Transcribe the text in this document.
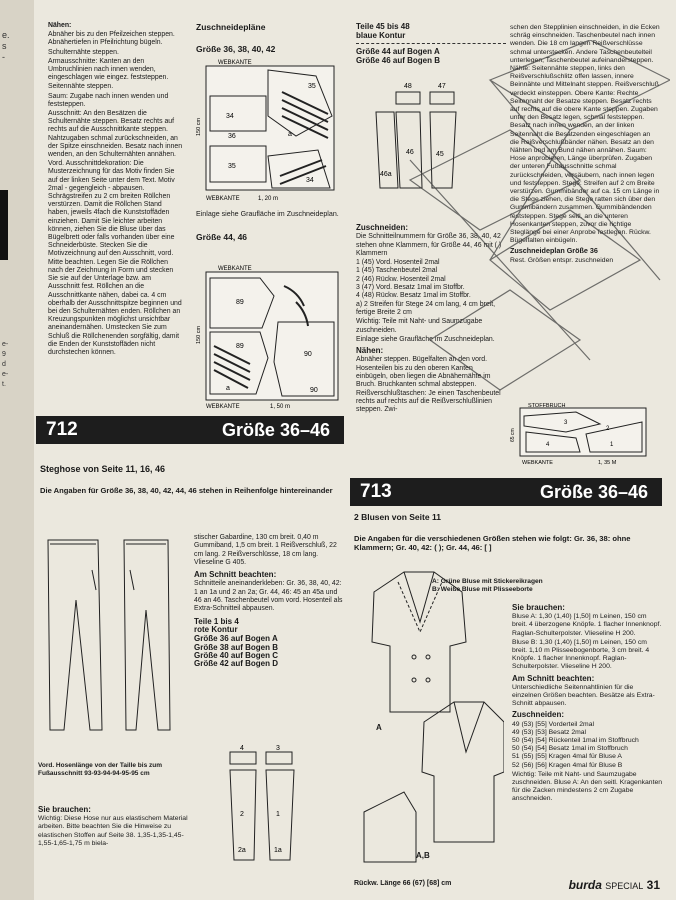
e.
s
-
e-
9
d
e-
t.

Nähen:

Abnäher bis zu den Pfeilzeichen steppen. Abnähertiefen in Pfeilrichtung bügeln.

Schulternähte steppen.

Armausschnitte: Kanten an den Umbruchlinien nach innen wenden, eingeschlagen wie eingez. feststeppen.

Seitennähte steppen.

Saum: Zugabe nach innen wenden und feststeppen.

Ausschnitt: An den Besätzen die Schulternähte steppen. Besatz rechts auf rechts auf die Ausschnittkante steppen. Nahtzugaben schmal zurückschneiden, an der Spitze einschneiden. Besatz nach innen wenden, an den Schulternähten annähen.

Vord. Ausschnittdekoration: Die Musterzeichnung für das Motiv finden Sie auf der linken Seite unter dem Text. Motiv 2mal - gegengleich - abpausen. Schrägstreifen zu 2 cm breiten Röllchen verstürzen. Damit die Röllchen Stand haben, jeweils 4fach die Kunststoffäden einziehen. Damit Sie leichter arbeiten können, ziehen Sie die Bluse über das Bügelbrett oder falls vorhanden über eine Schneiderbüste. Stecken Sie die Motivzeichnung auf den Ausschnitt, vord. Mitte beachten. Legen Sie die Röllchen nach der Zeichnung in Form und stecken Sie sie auf der Unterlage bzw. am Ausschnitt fest. Röllchen an die Ausschnittkante nähen, dabei ca. 4 cm oberhalb der Ausschnittspitze beginnen und bei den Schulternähten enden. Röllchen an Kreuzungspunkten möglichst unsichtbar aneinandernähen. Umstecken Sie zum Schluß die Röllchenenden sorgfältig, damit die Enden der Kunststoffäden nicht durchstechen können.

Zuschneidepläne
Größe 36, 38, 40, 42
WEBKANTE
34
35
36
35
34
a
150 cm
WEBKANTE	1, 20 m
Einlage siehe Grauflächе im Zuschneideplan.
Größe 44, 46
WEBKANTE
89
89
90
90
a
150 cm
WEBKANTE	1, 50 m
Teile 45 bis 48
blaue Kontur
Größe 44 auf Bogen A
Größe 46 auf Bogen B
48	47
46	45
46a

Zuschneiden:

Die Schnitteilnummern für Größe 36, 38, 40, 42 stehen ohne Klammern, für Größe 44, 46 mit ( ) Klammern

1 (45) Vord. Hosenteil 2mal

1 (45) Taschenbeutel 2mal

2 (46) Rückw. Hosenteil 2mal

3 (47) Vord. Besatz 1mal im Stoffbr.

4 (48) Rückw. Besatz 1mal im Stoffbr.

a) 2 Streifen für Stege 24 cm lang, 4 cm breit, fertige Breite 2 cm

Wichtig: Teile mit Naht- und Saumzugabe zuschneiden.

Einlage siehe Grauflächе im Zuschneideplan.

Nähen:

Abnäher steppen. Bügelfalten an den vord. Hosenteilen bis zu den oberen Kanten einbügeln, oben liegen die Abnähernähte im Bruch. Bruchkanten schmal absteppen. Reißverschlußtaschen: Je einen Taschenbeutel rechts auf rechts auf die Reißverschlußlinien steppen. Zwi-

schen den Stepplinien einschneiden, in die Ecken schräg einschneiden. Taschenbeutel nach innen wenden. Die 18 cm langen Reißverschlüsse schmal unterstecken. Andere Taschenbeutelteil unterlegen, Taschenbeutel aufeinandersteppen. Nähte: Seitennähte steppen, links den Reißverschlußschlitz offen lassen, innere Beinnähte und Mittelnaht steppen. Reißverschluß verdeckt einsteppen. Obere Kante: Rechte Seitennaht der Besatze steppen. Besatz rechts auf rechts auf die obere Kante steppen. Zugaben unter den Besatz legen, schmal feststeppen. Besatz nach innen wenden, an der linken Seitennaht die Besatzenden eingeschlagen an die Reißverschlußbänder nähen. Besatz an den Nähten und am Bund nähen annähen. Saum: Hose anprobieren, Länge überprüfen. Zugaben der unteren Fußausschnitte schmal zurückschneiden, versäubern, nach innen legen und feststeppen. Stege: Streifen auf 2 cm Breite verstürzen. Gummibänder auf ca. 15 cm Länge in die Stege ziehen, die Stege ratten sich über den Gummibändern zusammen. Gummibändenden feststeppen. Stege seitl. an die unteren Hosenkanten steppen, zuvor die richtige Steglänge bei einer Anprobe festlegen. Rückw. Bügelfalten einbügeln.

Zuschneideplan Größe 36

Rest. Größen entspr. zuschneiden

STOFFBRUCH
3
2
1
4
65 cm
WEBKANTE	1, 35 M
712	Größe 36–46
Steghose von Seite 11, 16, 46
Die Angaben für Größe 36, 38, 40, 42, 44, 46 stehen in Reihenfolge hintereinander
Vord. Hosenlänge von der Taille bis zum Fußausschnitt 93-93-94-94-95-95 cm

Sie brauchen:

Wichtig: Diese Hose nur aus elastischem Material arbeiten. Bitte beachten Sie die Hinweise zu elastischen Stoffen auf Seite 38. 1,35-1,35-1,45-1,55-1,65-1,75 m biela-

stischer Gabardine, 130 cm breit. 0,40 m Gummiband, 1,5 cm breit. 1 Reißverschluß, 22 cm lang. 2 Reißverschlüsse, 18 cm lang. Vlieseline G 405.

Am Schnitt beachten:

Schnitteile aneinanderkleben: Gr. 36, 38, 40, 42: 1 an 1a und 2 an 2a; Gr. 44, 46: 45 an 45a und 46 an 46. Taschenbeutel vom vord. Hosenteil als Extra-Schnitteil abpausen.

Teile 1 bis 4

rote Kontur

Größe 36 auf Bogen A

Größe 38 auf Bogen B

Größe 40 auf Bogen C

Größe 42 auf Bogen D

4	3
1
2
2a	1a
713	Größe 36–46
2 Blusen von Seite 11
Die Angaben für die verschiedenen Größen stehen wie folgt: Gr. 36, 38: ohne Klammern; Gr. 40, 42: ( ); Gr. 44, 46: [ ]
A
A,B
Rückw. Länge 66 (67) [68] cm

A: Grüne Bluse mit Stickereikragen

B: Weiße Bluse mit Plisseeborte

Sie brauchen:

Bluse A: 1,30 (1,40) [1,50] m Leinen, 150 cm breit. 4 überzogene Knöpfe. 1 flacher Innenknopf. Raglan-Schulterpolster. Vlieseline H 200.

Bluse B: 1,30 (1,40) [1,50] m Leinen, 150 cm breit. 1,10 m Plisseebogenborte, 3 cm breit. 4 Knöpfe. 1 flacher Innenknopf. Raglan-Schulterpolster. Vlieseline H 200.

Am Schnitt beachten:

Unterschiedliche Seitennahtlinien für die einzelnen Größen beachten. Besätze als Extra-Schnitt abpausen.

Zuschneiden:

49 (53) [55] Vorderteil 2mal

49 (53) [53] Besatz 2mal

50 (54) [54] Rückenteil 1mal im Stoffbruch

50 (54) [54] Besatz 1mal im Stoffbruch

51 (55) [55] Kragen 4mal für Bluse A

52 (56) [56] Kragen 4mal für Bluse B

Wichtig: Teile mit Naht- und Saumzugabe zuschneiden. Bluse A: An den seitl. Kragenkanten für die Zacken mindestens 2 cm Zugabe anschneiden.

burda SPECIAL 31
